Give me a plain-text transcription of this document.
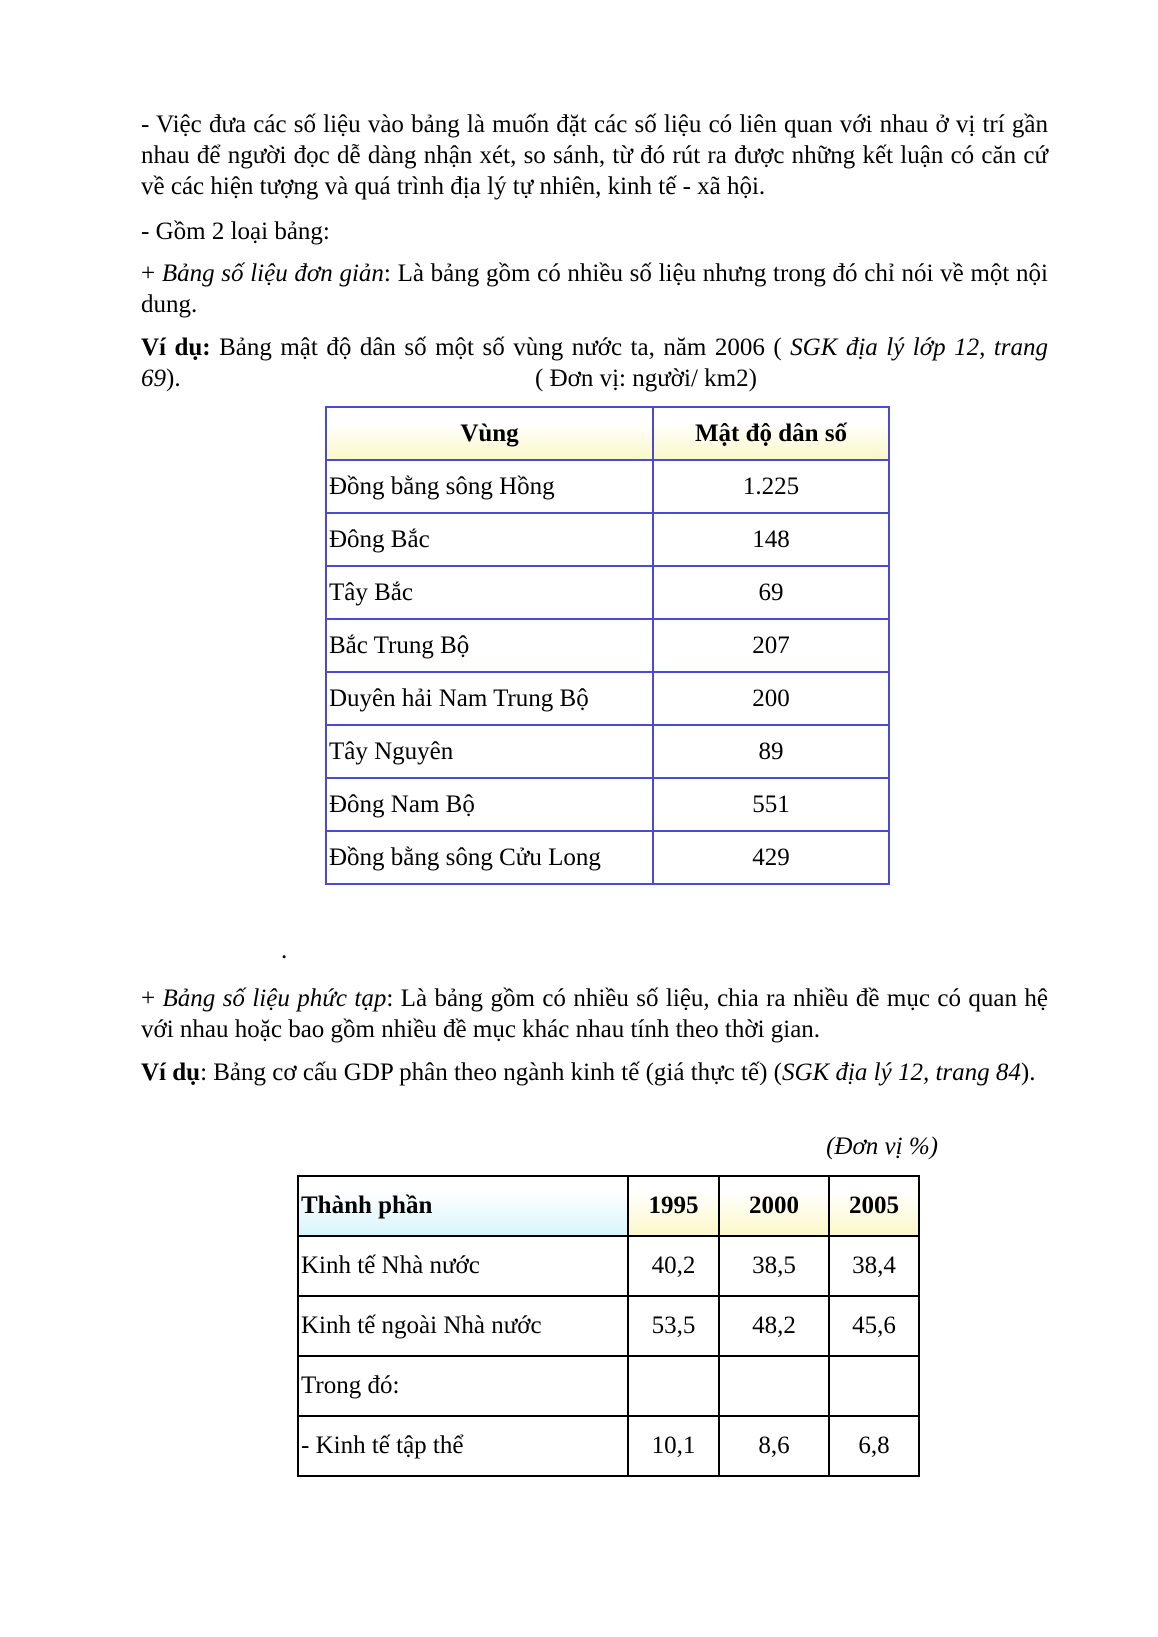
- Việc đưa các số liệu vào bảng là muốn đặt các số liệu có liên quan với nhau ở vị trí gần nhau để người đọc dễ dàng nhận xét, so sánh, từ đó rút ra được những kết luận có căn cứ về các hiện tượng và quá trình địa lý tự nhiên, kinh tế - xã hội.

- Gồm 2 loại bảng:

+ Bảng số liệu đơn giản: Là bảng gồm có nhiều số liệu nhưng trong đó chỉ nói về một nội dung.

Ví dụ: Bảng mật độ dân số một số vùng nước ta, năm 2006 ( SGK địa lý lớp 12, trang 69).	( Đơn vị: người/ km2)
Vùng	Mật độ dân số
Đồng bằng sông Hồng	1.225
Đông Bắc	148
Tây Bắc	69
Bắc Trung Bộ	207
Duyên hải Nam Trung Bộ	200
Tây Nguyên	89
Đông Nam Bộ	551
Đồng bằng sông Cửu Long	429
.

+ Bảng số liệu phức tạp: Là bảng gồm có nhiều số liệu, chia ra nhiều đề mục có quan hệ với nhau hoặc bao gồm nhiều đề mục khác nhau tính theo thời gian.

Ví dụ: Bảng cơ cấu GDP phân theo ngành kinh tế (giá thực tế) (SGK địa lý 12, trang 84).

(Đơn vị %)
Thành phần	1995	2000	2005
Kinh tế Nhà nước	40,2	38,5	38,4
Kinh tế ngoài Nhà nước	53,5	48,2	45,6
Trong đó:			
- Kinh tế tập thể	10,1	8,6	6,8
